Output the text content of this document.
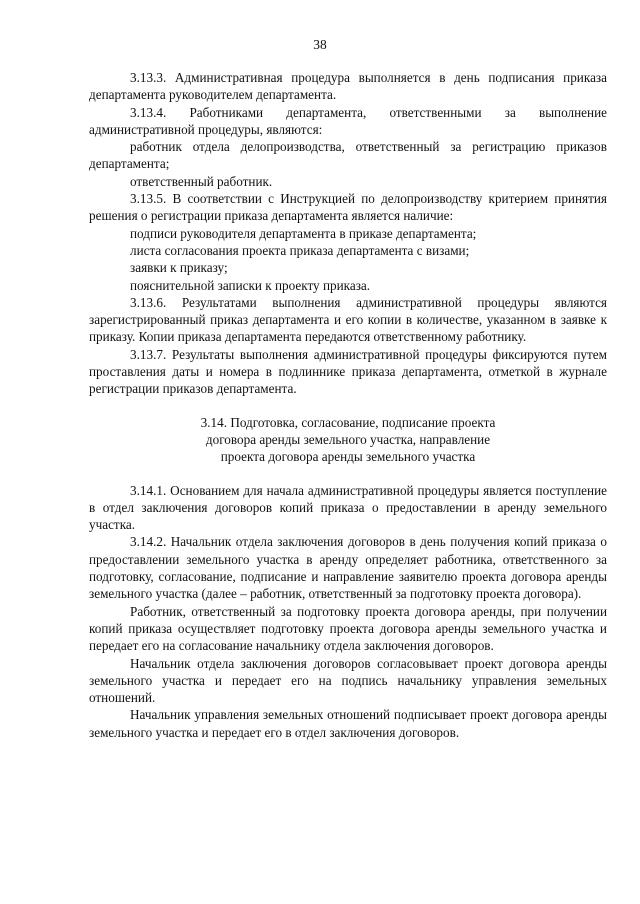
38

3.13.3. Административная процедура выполняется в день подписания приказа департамента руководителем департамента.

3.13.4. Работниками департамента, ответственными за выполнение административной процедуры, являются:

работник отдела делопроизводства, ответственный за регистрацию приказов департамента;

ответственный работник.

3.13.5. В соответствии с Инструкцией по делопроизводству критерием принятия решения о регистрации приказа департамента является наличие:

подписи руководителя департамента в приказе департамента;

листа согласования проекта приказа департамента с визами;

заявки к приказу;

пояснительной записки к проекту приказа.

3.13.6. Результатами выполнения административной процедуры являются зарегистрированный приказ департамента и его копии в количестве, указанном в заявке к приказу. Копии приказа департамента передаются ответственному работнику.

3.13.7. Результаты выполнения административной процедуры фиксируются путем проставления даты и номера в подлиннике приказа департамента, отметкой в журнале регистрации приказов департамента.

3.14. Подготовка, согласование, подписание проекта
договора аренды земельного участка, направление
проекта договора аренды земельного участка

3.14.1. Основанием для начала административной процедуры является поступление в отдел заключения договоров копий приказа о предоставлении в аренду земельного участка.

3.14.2. Начальник отдела заключения договоров в день получения копий приказа о предоставлении земельного участка в аренду определяет работника, ответственного за подготовку, согласование, подписание и направление заявителю проекта договора аренды земельного участка (далее – работник, ответственный за подготовку проекта договора).

Работник, ответственный за подготовку проекта договора аренды, при получении копий приказа осуществляет подготовку проекта договора аренды земельного участка и передает его на согласование начальнику отдела заключения договоров.

Начальник отдела заключения договоров согласовывает проект договора аренды земельного участка и передает его на подпись начальнику управления земельных отношений.

Начальник управления земельных отношений подписывает проект договора аренды земельного участка и передает его в отдел заключения договоров.
